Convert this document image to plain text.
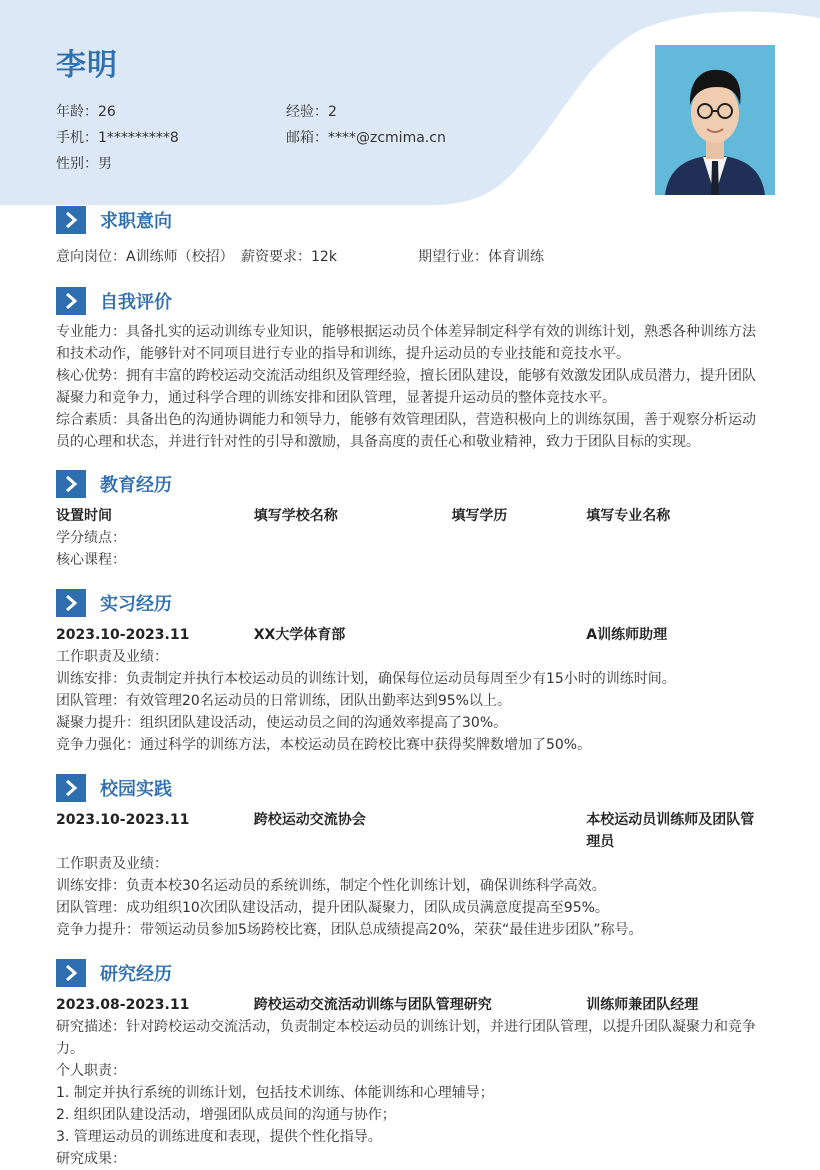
李明
年龄：26	经验：2
手机：1*********8	邮箱：****@zcmima.cn
性别：男
求职意向
意向岗位：A训练师（校招） 薪资要求：12k	期望行业：体育训练
自我评价
专业能力：具备扎实的运动训练专业知识，能够根据运动员个体差异制定科学有效的训练计划，熟悉各种训练方法
和技术动作，能够针对不同项目进行专业的指导和训练，提升运动员的专业技能和竞技水平。
核心优势：拥有丰富的跨校运动交流活动组织及管理经验，擅长团队建设，能够有效激发团队成员潜力，提升团队
凝聚力和竞争力，通过科学合理的训练安排和团队管理，显著提升运动员的整体竞技水平。
综合素质：具备出色的沟通协调能力和领导力，能够有效管理团队，营造积极向上的训练氛围，善于观察分析运动
员的心理和状态，并进行针对性的引导和激励，具备高度的责任心和敬业精神，致力于团队目标的实现。
教育经历
设置时间	填写学校名称	填写学历	填写专业名称
学分绩点：
核心课程：
实习经历
2023.10-2023.11	XX大学体育部	A训练师助理
工作职责及业绩：
训练安排：负责制定并执行本校运动员的训练计划，确保每位运动员每周至少有15小时的训练时间。
团队管理：有效管理20名运动员的日常训练，团队出勤率达到95%以上。
凝聚力提升：组织团队建设活动，使运动员之间的沟通效率提高了30%。
竞争力强化：通过科学的训练方法，本校运动员在跨校比赛中获得奖牌数增加了50%。
校园实践
2023.10-2023.11	跨校运动交流协会	本校运动员训练师及团队管
理员
工作职责及业绩：
训练安排：负责本校30名运动员的系统训练，制定个性化训练计划，确保训练科学高效。
团队管理：成功组织10次团队建设活动，提升团队凝聚力，团队成员满意度提高至95%。
竞争力提升：带领运动员参加5场跨校比赛，团队总成绩提高20%，荣获“最佳进步团队”称号。
研究经历
2023.08-2023.11	跨校运动交流活动训练与团队管理研究	训练师兼团队经理
研究描述：针对跨校运动交流活动，负责制定本校运动员的训练计划，并进行团队管理，以提升团队凝聚力和竞争
力。
个人职责：
1. 制定并执行系统的训练计划，包括技术训练、体能训练和心理辅导；
2. 组织团队建设活动，增强团队成员间的沟通与协作；
3. 管理运动员的训练进度和表现，提供个性化指导。
研究成果：
